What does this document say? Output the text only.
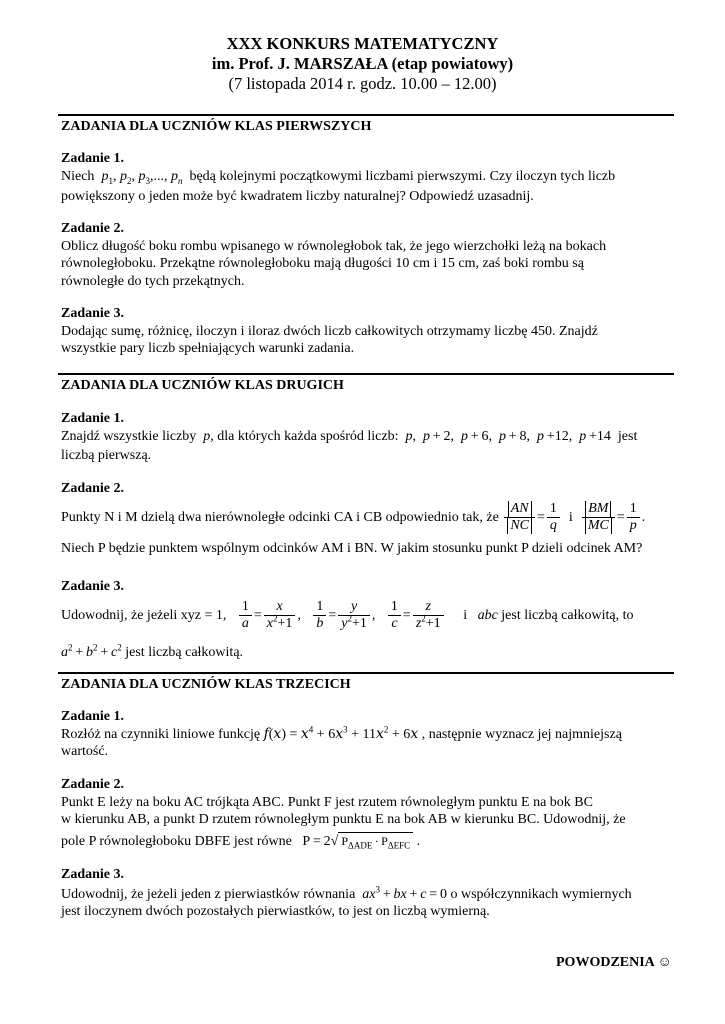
XXX KONKURS MATEMATYCZNY
im. Prof. J. MARSZAŁA (etap powiatowy)
(7 listopada 2014 r. godz. 10.00 – 12.00)
ZADANIA DLA UCZNIÓW KLAS PIERWSZYCH
Zadanie 1.
Niech $p_1$, $p_2$, $p_3$,..., $p_n$ będą kolejnymi początkowymi liczbami pierwszymi. Czy iloczyn tych liczb
powiększony o jeden może być kwadratem liczby naturalnej? Odpowiedź uzasadnij.
Zadanie 2.
Oblicz długość boku rombu wpisanego w równoległobok tak, że jego wierzchołki leżą na bokach
równoległoboku. Przekątne równoległoboku mają długości 10 cm i 15 cm, zaś boki rombu są
równoległe do tych przekątnych.
Zadanie 3.
Dodając sumę, różnicę, iloczyn i iloraz dwóch liczb całkowitych otrzymamy liczbę 450. Znajdź
wszystkie pary liczb spełniających warunki zadania.
ZADANIA DLA UCZNIÓW KLAS DRUGICH
Zadanie 1.
Znajdź wszystkie liczby p, dla których każda spośród liczb: p,  p + 2,  p + 6,  p + 8,  p +12,  p +14  jest
liczbą pierwszą.
Zadanie 2.
Punkty N i M dzielą dwa nierównoległe odcinki CA i CB odpowiednio tak, że $\frac{AN}{NC} = \frac{1}{q}$ i $\frac{BM}{MC} = \frac{1}{p}$ .
Niech P będzie punktem wspólnym odcinków AM i BN. W jakim stosunku punkt P dzieli odcinek AM?
Zadanie 3.
Udowodnij, że jeżeli xyz = 1, $\frac{1}{a} = \frac{x}{x^2+1}$ , $\frac{1}{b} = \frac{y}{y^2+1}$ , $\frac{1}{c} = \frac{z}{z^2+1}$ i abc jest liczbą całkowitą, to
$a^2 + b^2 + c^2$ jest liczbą całkowitą.
ZADANIA DLA UCZNIÓW KLAS TRZECICH
Zadanie 1.
Rozłóż na czynniki liniowe funkcję $f(x) = x^4 + 6x^3 + 11x^2 + 6x$ , następnie wyznacz jej najmniejszą
wartość.
Zadanie 2.
Punkt E leży na boku AC trójkąta ABC. Punkt F jest rzutem równoległym punktu E na bok BC
w kierunku AB, a punkt D rzutem równoległym punktu E na bok AB w kierunku BC. Udowodnij, że
pole P równoległoboku DBFE jest równe   P = 2√ $P_{\Delta ADE} \cdot P_{\Delta EFC}$ .
Zadanie 3.
Udowodnij, że jeżeli jeden z pierwiastków równania $ax^3$ + bx + c = 0 o współczynnikach wymiernych
jest iloczynem dwóch pozostałych pierwiastków, to jest on liczbą wymierną.
POWODZENIA ☺
